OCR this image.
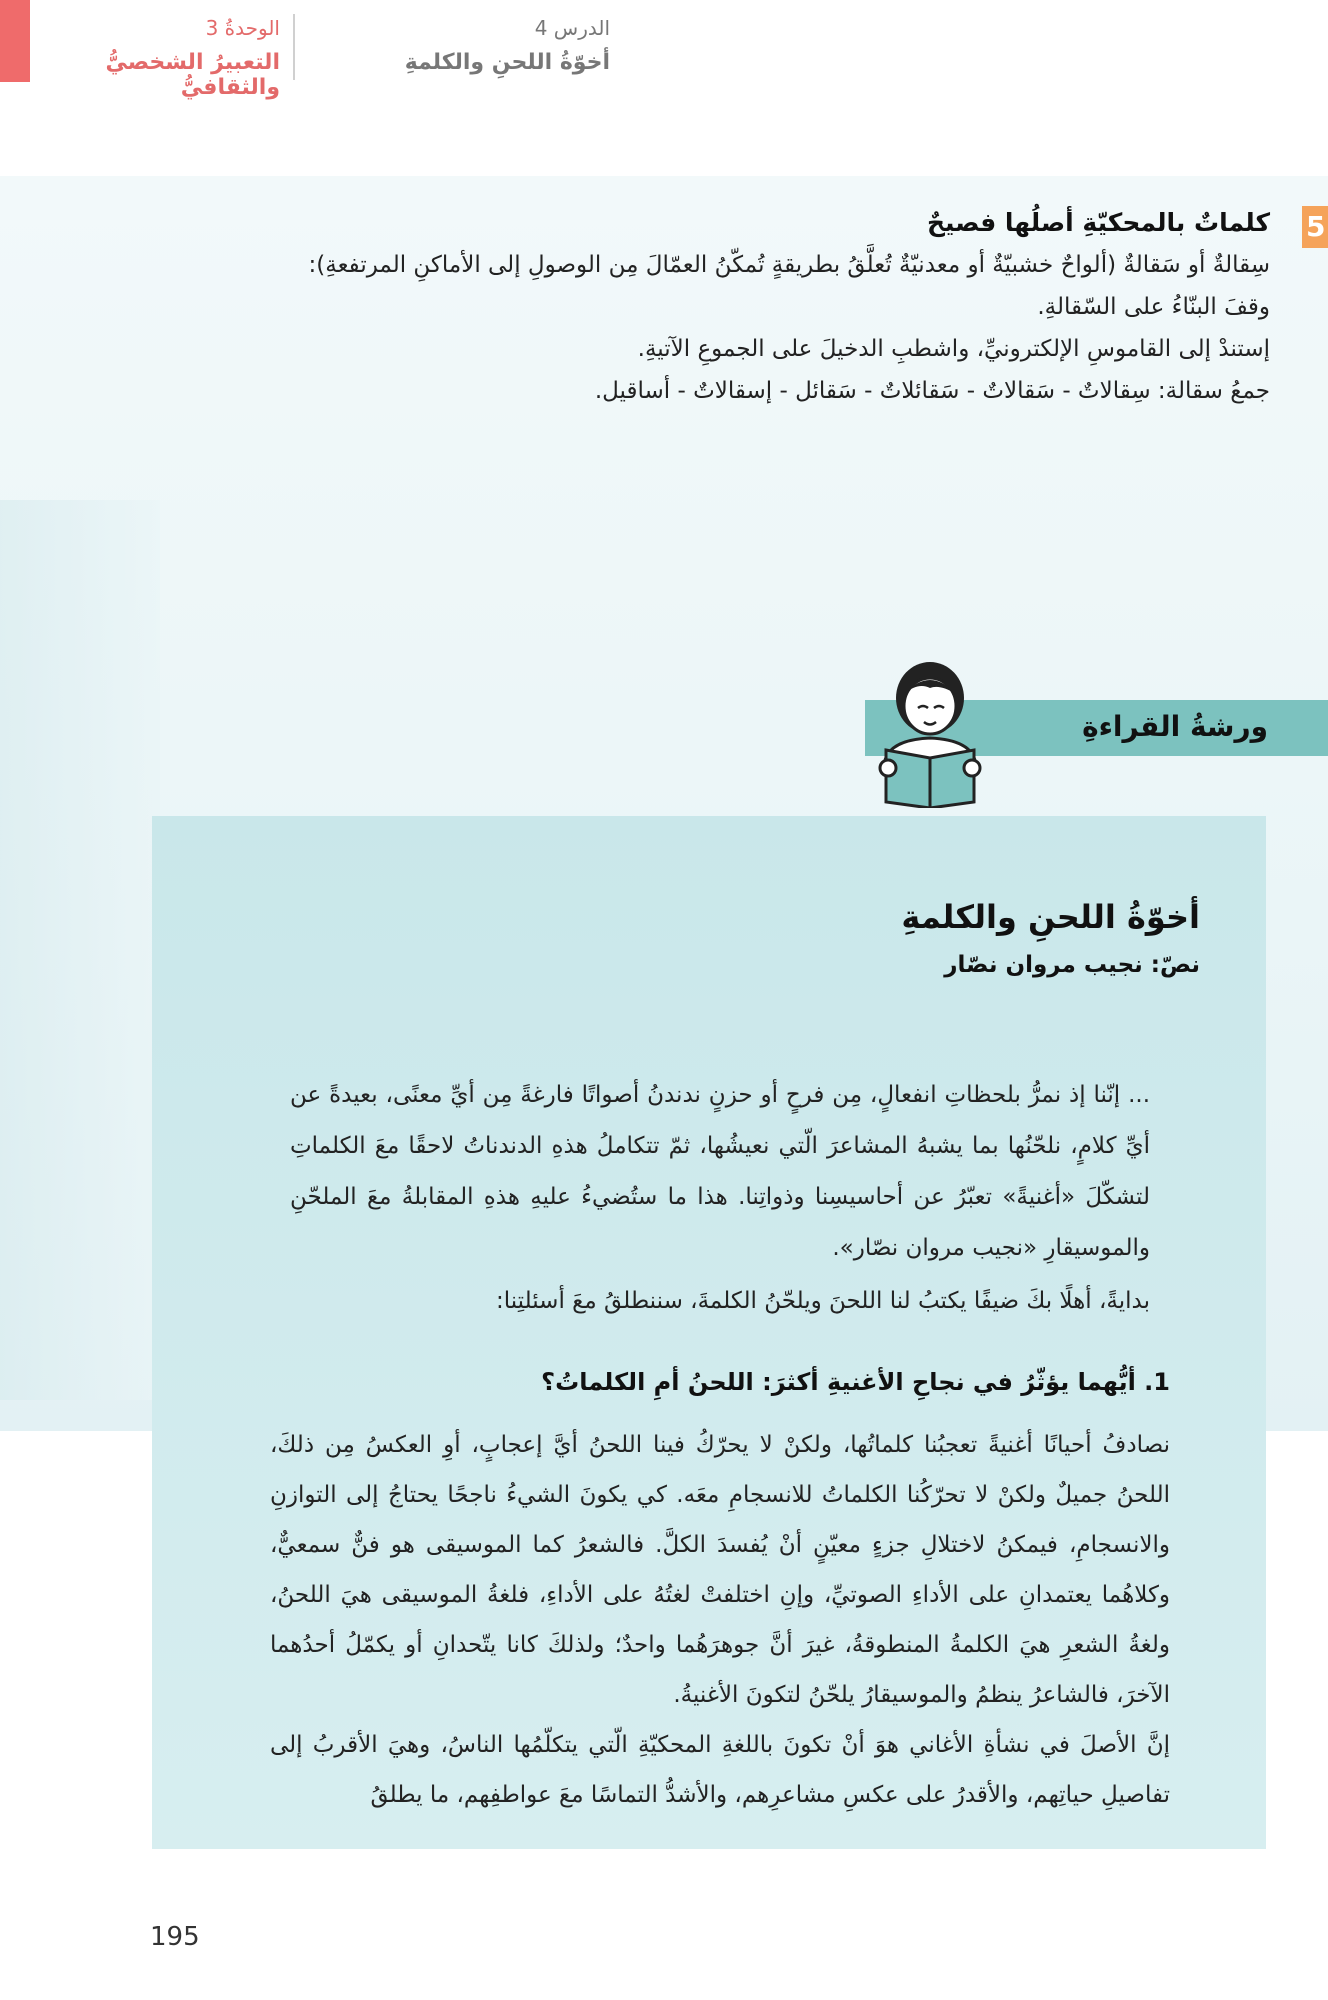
الوحدةُ 3
التعبيرُ الشخصيُّ والثقافيُّ
الدرس 4
أخوّةُ اللحنِ والكلمةِ
5
كلماتٌ بالمحكيّةِ أصلُها فصيحٌ
سِقالةٌ أو سَقالةٌ (ألواحٌ خشبيّةٌ أو معدنيّةٌ تُعلَّقُ بطريقةٍ تُمكّنُ العمّالَ مِن الوصولِ إلى الأماكنِ المرتفعةِ):
وقفَ البنّاءُ على السّقالةِ.
إستندْ إلى القاموسِ الإلكترونيِّ، واشطبِ الدخيلَ على الجموعِ الآتيةِ.
جمعُ سقالة: سِقالاتٌ - سَقالاتٌ - سَقائلاتٌ - سَقائل - إسقالاتٌ - أساقيل.
ورشةُ القراءةِ
أخوّةُ اللحنِ والكلمةِ
نصّ: نجيب مروان نصّار
... إنّنا إذ نمرُّ بلحظاتِ انفعالٍ، مِن فرحٍ أو حزنٍ ندندنُ أصواتًا فارغةً مِن أيِّ معنًى، بعيدةً عن أيِّ كلامٍ، نلحّنُها بما يشبهُ المشاعرَ الّتي نعيشُها، ثمّ تتكاملُ هذهِ الدندناتُ لاحقًا معَ الكلماتِ لتشكّلَ «أغنيةً» تعبّرُ عن أحاسيسِنا وذواتِنا. هذا ما ستُضيءُ عليهِ هذهِ المقابلةُ معَ الملحّنِ والموسيقارِ «نجيب مروان نصّار».
بدايةً، أهلًا بكَ ضيفًا يكتبُ لنا اللحنَ ويلحّنُ الكلمةَ، سننطلقُ معَ أسئلتِنا:
1. أيُّهما يؤثّرُ في نجاحِ الأغنيةِ أكثرَ: اللحنُ أمِ الكلماتُ؟
نصادفُ أحيانًا أغنيةً تعجبُنا كلماتُها، ولكنْ لا يحرّكُ فينا اللحنُ أيَّ إعجابٍ، أوِ العكسُ مِن ذلكَ، اللحنُ جميلٌ ولكنْ لا تحرّكُنا الكلماتُ للانسجامِ معَه. كي يكونَ الشيءُ ناجحًا يحتاجُ إلى التوازنِ والانسجامِ، فيمكنُ لاختلالِ جزءٍ معيّنٍ أنْ يُفسدَ الكلَّ. فالشعرُ كما الموسيقى هو فنٌّ سمعيٌّ، وكلاهُما يعتمدانِ على الأداءِ الصوتيِّ، وإنِ اختلفتْ لغتُهُ على الأداءِ، فلغةُ الموسيقى هيَ اللحنُ، ولغةُ الشعرِ هيَ الكلمةُ المنطوقةُ، غيرَ أنَّ جوهرَهُما واحدٌ؛ ولذلكَ كانا يتّحدانِ أو يكمّلُ أحدُهما الآخرَ، فالشاعرُ ينظمُ والموسيقارُ يلحّنُ لتكونَ الأغنيةُ.
إنَّ الأصلَ في نشأةِ الأغاني هوَ أنْ تكونَ باللغةِ المحكيّةِ الّتي يتكلّمُها الناسُ، وهيَ الأقربُ إلى تفاصيلِ حياتِهم، والأقدرُ على عكسِ مشاعرِهم، والأشدُّ التماسًا معَ عواطفِهم، ما يطلقُ
195
